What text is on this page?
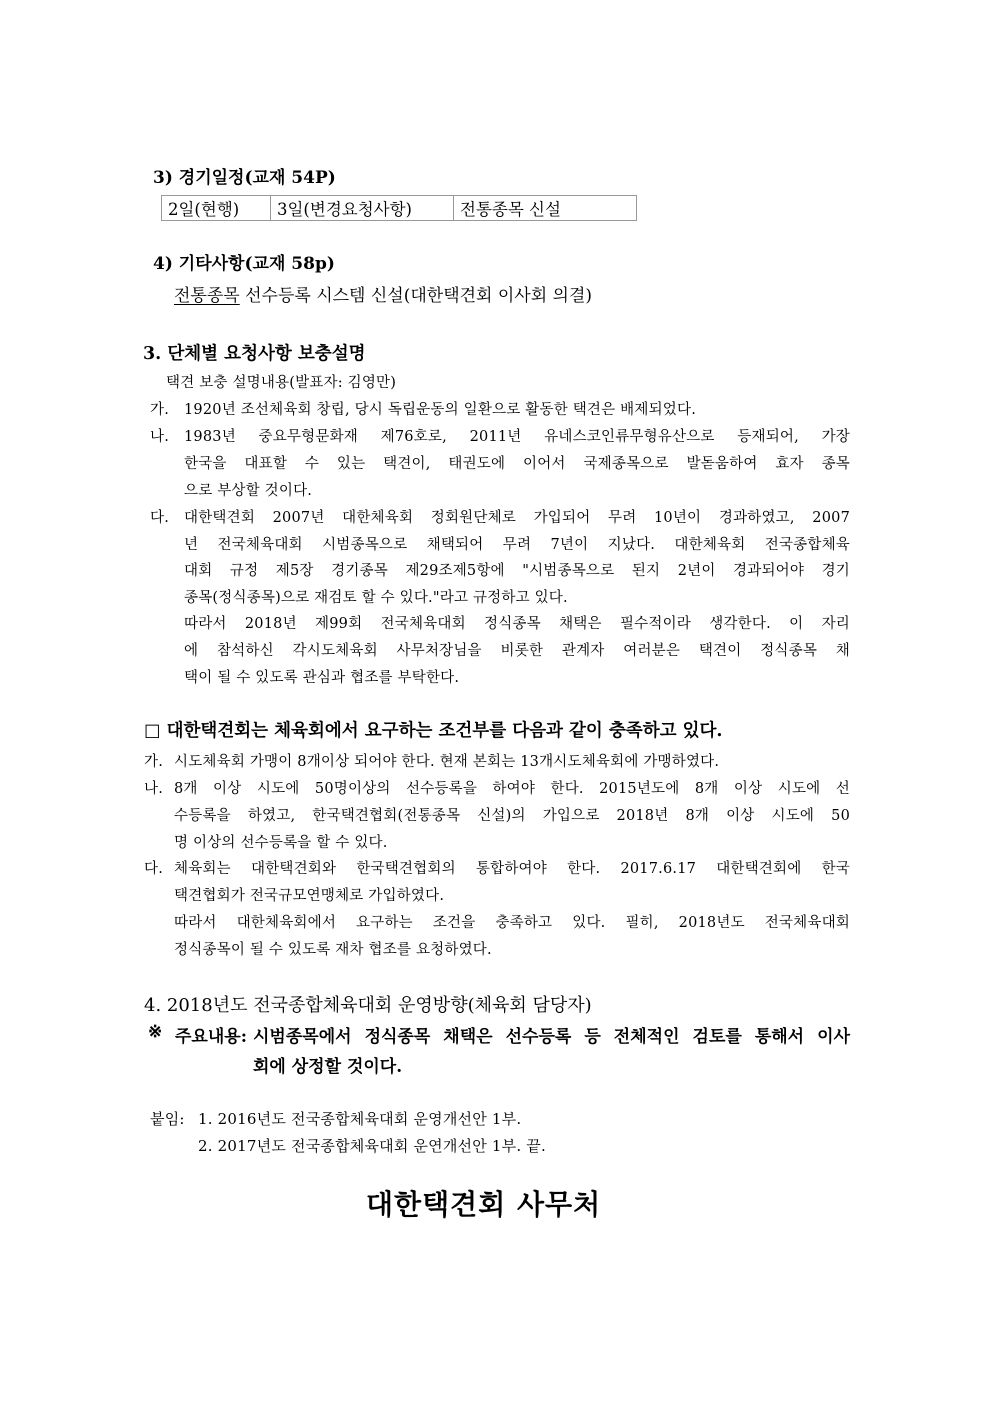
3) 경기일정(교재 54P)
2일(현행)	3일(변경요청사항)	전통종목 신설
4) 기타사항(교재 58p)
전통종목 선수등록 시스템 신설(대한택견회 이사회 의결)
3. 단체별 요청사항 보충설명
택견 보충 설명내용(발표자: 김영만)
가. 1920년 조선체육회 창립, 당시 독립운동의 일환으로 활동한 택견은 배제되었다.
나. 1983년 중요무형문화재 제76호로, 2011년 유네스코인류무형유산으로 등재되어, 가장
한국을 대표할 수 있는 택견이, 태권도에 이어서 국제종목으로 발돋움하여 효자 종목
으로 부상할 것이다.
다. 대한택견회 2007년 대한체육회 정회원단체로 가입되어 무려 10년이 경과하였고, 2007
년 전국체육대회 시범종목으로 채택되어 무려 7년이 지났다. 대한체육회 전국종합체육
대회 규정 제5장 경기종목 제29조제5항에 "시범종목으로 된지 2년이 경과되어야 경기
종목(정식종목)으로 재검토 할 수 있다."라고 규정하고 있다.
따라서 2018년 제99회 전국체육대회 정식종목 채택은 필수적이라 생각한다. 이 자리
에 참석하신 각시도체육회 사무처장님을 비롯한 관계자 여러분은 택견이 정식종목 채
택이 될 수 있도록 관심과 협조를 부탁한다.
□ 대한택견회는 체육회에서 요구하는 조건부를 다음과 같이 충족하고 있다.
가. 시도체육회 가맹이 8개이상 되어야 한다. 현재 본회는 13개시도체육회에 가맹하였다.
나. 8개 이상 시도에 50명이상의 선수등록을 하여야 한다. 2015년도에 8개 이상 시도에 선
수등록을 하였고, 한국택견협회(전통종목 신설)의 가입으로 2018년 8개 이상 시도에 50
명 이상의 선수등록을 할 수 있다.
다. 체육회는 대한택견회와 한국택견협회의 통합하여야 한다. 2017.6.17 대한택견회에 한국
택견협회가 전국규모연맹체로 가입하였다.
따라서 대한체육회에서 요구하는 조건을 충족하고 있다. 필히, 2018년도 전국체육대회
정식종목이 될 수 있도록 재차 협조를 요청하였다.
4. 2018년도 전국종합체육대회 운영방향(체육회 담당자)
※ 주요내용: 시범종목에서 정식종목 채택은 선수등록 등 전체적인 검토를 통해서 이사
회에 상정할 것이다.
붙임: 1. 2016년도 전국종합체육대회 운영개선안 1부.
2. 2017년도 전국종합체육대회 운연개선안 1부. 끝.
대한택견회 사무처
